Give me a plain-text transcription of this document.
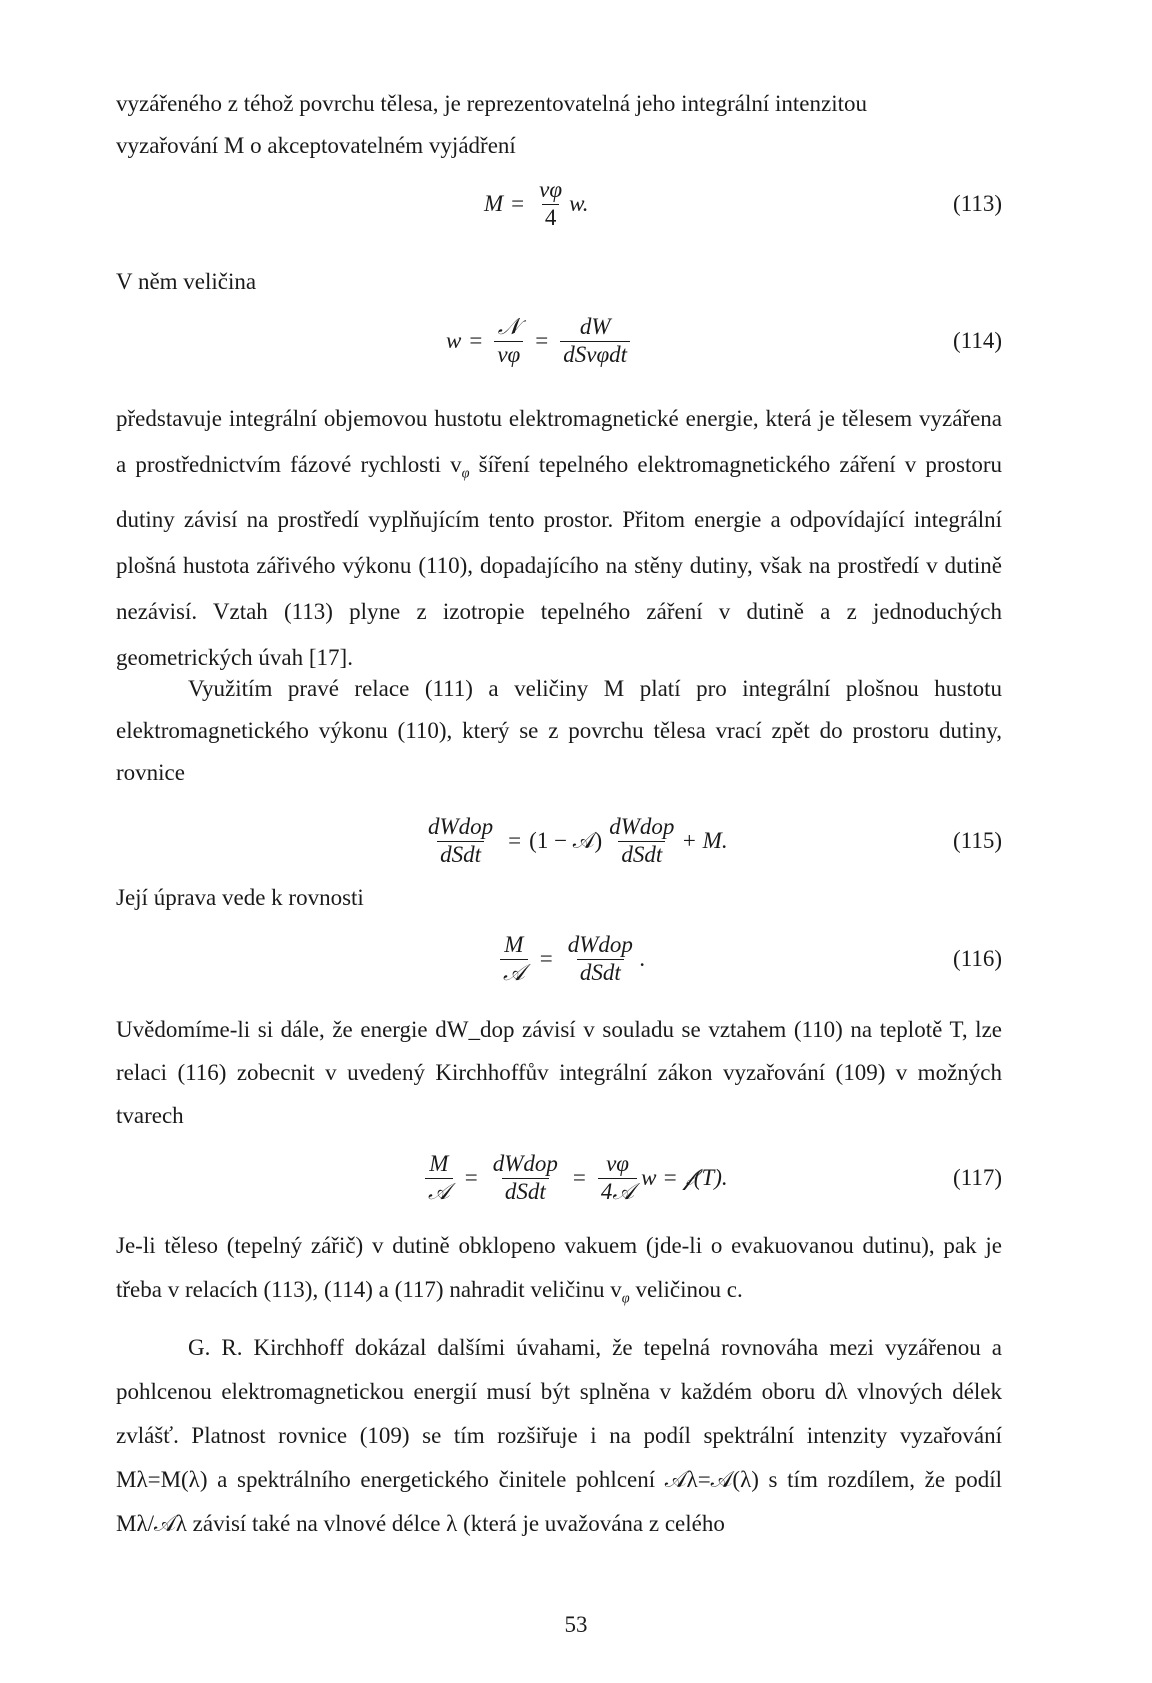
vyzářeného z téhož povrchu tělesa, je reprezentovatelná jeho integrální intenzitou

vyzařování M o akceptovatelném vyjádření

$M = \frac{v\varphi}{4} w$.	(113)

V něm veličina

$w = \frac{\text{𝒩}}{v\varphi} = \frac{dW}{\text{dSvφdt}}$	(114)
představuje integrální objemovou hustotu elektromagnetické energie, která je tělesem vyzářena a prostřednictvím fázové rychlosti $v_\varphi$ šíření tepelného elektromagnetického záření v prostoru dutiny závisí na prostředí vyplňujícím tento prostor. Přitom energie a odpovídající integrální plošná hustota zářivého výkonu (110), dopadajícího na stěny dutiny, však na prostředí v dutině nezávisí. Vztah (113) plyne z izotropie tepelného záření v dutině a z jednoduchých geometrických úvah [17].

Využitím pravé relace (111) a veličiny M platí pro integrální plošnou hustotu elektromagnetického výkonu (110), který se z povrchu tělesa vrací zpět do prostoru dutiny, rovnice

$\frac{\text{dWdop}}{\text{dSdt}} = (1$ − 𝒜) $\frac{\text{dWdop}}{\text{dSdt}} + M$.	(115)

Její úprava vede k rovnosti

$\frac{M}{\text{𝒜}} = \frac{\text{dWdop}}{\text{dSdt}}$ .	(116)

Uvědomíme-li si dále, že energie dW_dop závisí v souladu se vztahem (110) na teplotě T, lze relaci (116) zobecnit v uvedený Kirchhoffův integrální zákon vyzařování (109) v možných tvarech

$\frac{M}{\text{𝒜}} = \frac{\text{dWdop}}{\text{dSdt}} = \frac{v\varphi}{\text{4𝒜}}$ w = 𝒻(T).	(117)
Je-li těleso (tepelný zářič) v dutině obklopeno vakuem (jde-li o evakuovanou dutinu), pak je třeba v relacích (113), (114) a (117) nahradit veličinu $v_\varphi$ veličinou c.

G. R. Kirchhoff dokázal dalšími úvahami, že tepelná rovnováha mezi vyzářenou a pohlcenou elektromagnetickou energií musí být splněna v každém oboru dλ vlnových délek zvlášť. Platnost rovnice (109) se tím rozšiřuje i na podíl spektrální intenzity vyzařování Mλ=M(λ) a spektrálního energetického činitele pohlcení 𝒜λ=𝒜(λ) s tím rozdílem, že podíl Mλ/𝒜λ závisí také na vlnové délce λ (která je uvažována z celého

53
